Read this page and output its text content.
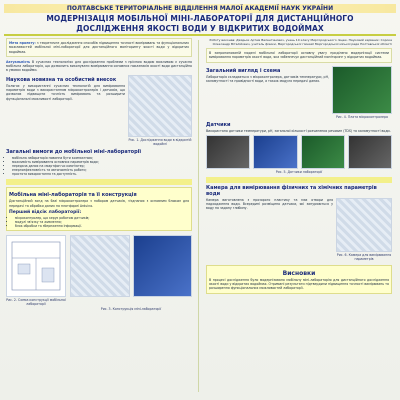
ПОЛТАВСЬКЕ ТЕРИТОРІАЛЬНЕ ВІДДІЛЕННЯ МАЛОЇ АКАДЕМІЇ НАУК УКРАЇНИ
МОДЕРНІЗАЦІЯ МОБІЛЬНОЇ МІНІ-ЛАБОРАТОРІЇ ДЛЯ ДИСТАНЦІЙНОГО
ДОСЛІДЖЕННЯ ЯКОСТІ ВОДИ У ВІДКРИТИХ ВОДОЙМАХ
Мета проекту: з теоретичне дослідження способів підвищення точності вимірювань та функціональних можливостей мобільної міні-лабораторії для дистанційного моніторингу якості води у відкритих водоймах.
Актуальність В сучасних технологіях для дослідження проблеми з прісною водою важливою є сучасна мобільна лабораторія, що дозволить виконувати вимірювання основних показників якості води дистанційно в умовах водойми.
Наукова новизна та особистий внесок
Полягає у використанні сучасних технологій для вимірювання параметрів води з використанням мікроконтролерів і датчиків, що дозволяє підвищити точність вимірювань та розширити функціональні можливості лабораторії.
Рис. 1. Дослідження води в відкритій водоймі
Загальні вимоги до мобільної міні-лабораторії
• мобільна лабораторія повинна бути компактною;
• можливість вимірювання основних параметрів води;
• передача даних на смартфон чи комп'ютер;
• енергоефективність та автономність роботи;
• простота використання та доступність.
Мобільна міні-лабораторія та її конструкція
Дистанційний зонд на базі мікроконтролера з набором датчиків, з'єднаних з основним блоком для передачі та обробки даних на платформі Arduino.
Перший відсік лабораторії:
• мікроконтролер, що керує роботою датчиків;
• модулі зв'язку та живлення;
• блок обробки та збереження інформації.
Рис. 2. Схема конструкції мобільної лабораторії
Рис. 3. Конструкція міні-лабораторії
Роботу виконав: Дзядьок Артем Валентинович, учень 10 класу Миргородського ліцею. Науковий керівник: Сорока Олександр Віталійович, учитель фізики, Миргородської гімназії Миргородської міської ради Полтавської області
В запропонованій моделі мобільної лабораторії основну увагу приділено модернізації системи вимірювання параметрів якості води, яка забезпечує дистанційний моніторинг у відкритих водоймах.
Загальний вигляд і схема
Лабораторія складається з мікроконтролера, датчиків температури, pH, каламутності та провідності води, а також модуля передачі даних.
Рис. 4. Плата мікроконтролера
Датчики
Використано датчики температури, pH, загальної кількості розчинених речовин (TDS) та каламутності води.
Рис. 5. Датчики лабораторії
Камера для вимірювання фізичних та хімічних параметрів води
Камера виготовлена з прозорого пластику та має отвори для надходження води. Всередині розміщено датчики, які занурюються у воду на задану глибину.
Рис. 6. Камера для вимірювання параметрів
Висновки
В процесі дослідження було модернізовано мобільну міні-лабораторію для дистанційного дослідження якості води у відкритих водоймах. Отримані результати підтвердили підвищення точності вимірювань та розширення функціональних можливостей лабораторії.
